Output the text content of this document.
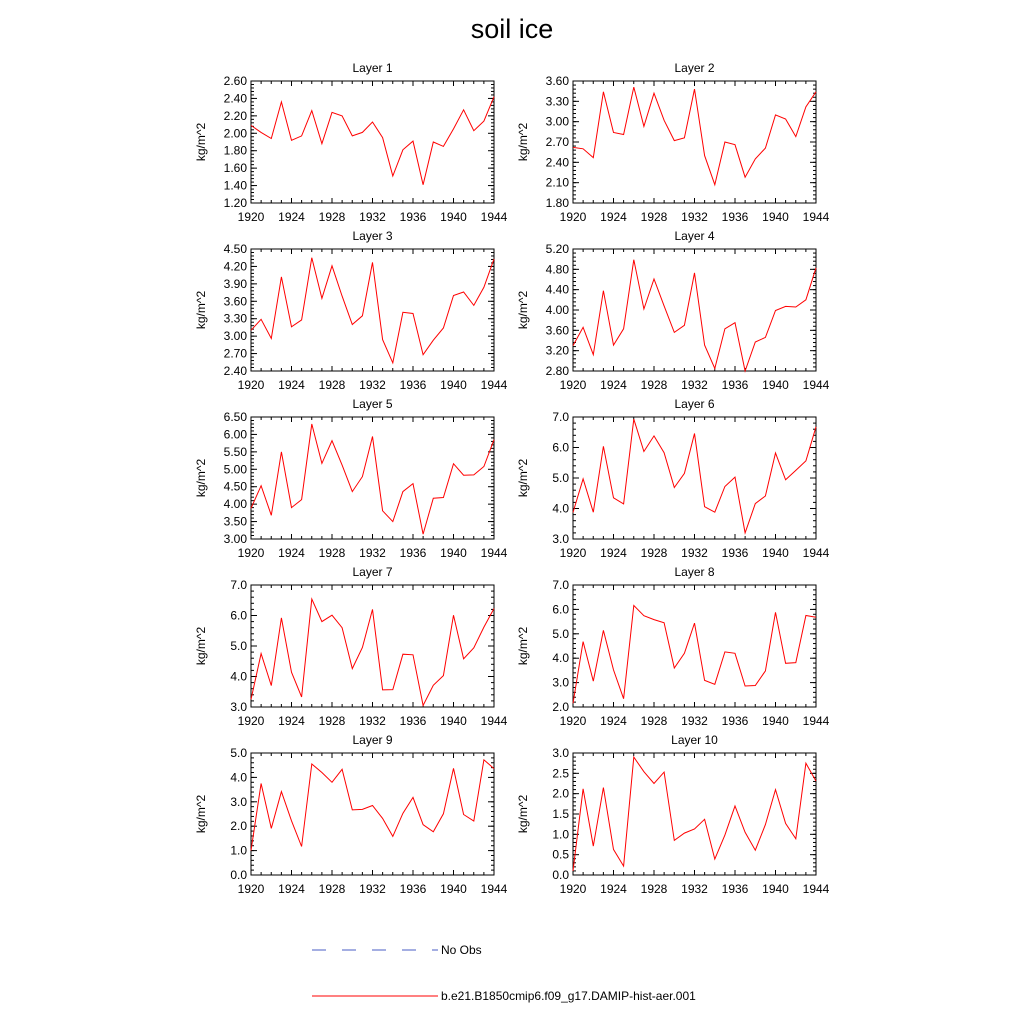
soil ice
Layer 1
kg/m^2
1920 1924 1928 1932 1936 1940 1944
1.20
1.40
1.60
1.80
2.00
2.20
2.40
2.60
Layer 2
kg/m^2
1920 1924 1928 1932 1936 1940 1944
1.80
2.10
2.40
2.70
3.00
3.30
3.60
Layer 3
kg/m^2
1920 1924 1928 1932 1936 1940 1944
2.40
2.70
3.00
3.30
3.60
3.90
4.20
4.50
Layer 4
kg/m^2
1920 1924 1928 1932 1936 1940 1944
2.80
3.20
3.60
4.00
4.40
4.80
5.20
Layer 5
kg/m^2
1920 1924 1928 1932 1936 1940 1944
3.00
3.50
4.00
4.50
5.00
5.50
6.00
6.50
Layer 6
kg/m^2
1920 1924 1928 1932 1936 1940 1944
3.0
4.0
5.0
6.0
7.0
Layer 7
kg/m^2
1920 1924 1928 1932 1936 1940 1944
3.0
4.0
5.0
6.0
7.0
Layer 8
kg/m^2
1920 1924 1928 1932 1936 1940 1944
2.0
3.0
4.0
5.0
6.0
7.0
Layer 9
kg/m^2
1920 1924 1928 1932 1936 1940 1944
0.0
1.0
2.0
3.0
4.0
5.0
Layer 10
kg/m^2
1920 1924 1928 1932 1936 1940 1944
0.0
0.5
1.0
1.5
2.0
2.5
3.0
No Obs
b.e21.B1850cmip6.f09_g17.DAMIP-hist-aer.001
